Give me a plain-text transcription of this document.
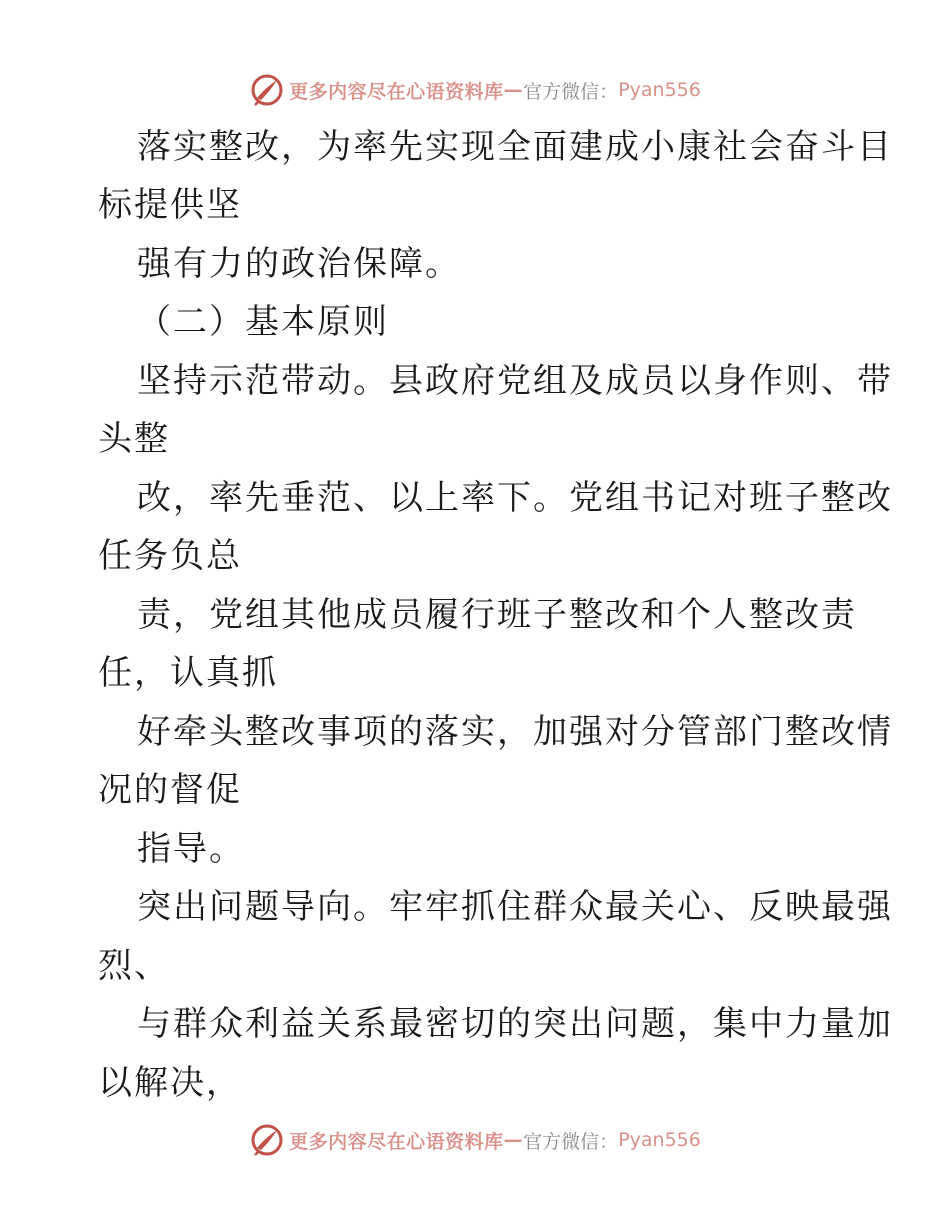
更多内容尽在心语资料库 — 官方微信： Pyan556
落实整改，为率先实现全面建成小康社会奋斗目
标提供坚
强有力的政治保障。
（二）基本原则
坚持示范带动。县政府党组及成员以身作则、带
头整
改，率先垂范、以上率下。党组书记对班子整改
任务负总
责，党组其他成员履行班子整改和个人整改责
任，认真抓
好牵头整改事项的落实，加强对分管部门整改情
况的督促
指导。
突出问题导向。牢牢抓住群众最关心、反映最强
烈、
与群众利益关系最密切的突出问题，集中力量加
以解决，
更多内容尽在心语资料库 — 官方微信： Pyan556
